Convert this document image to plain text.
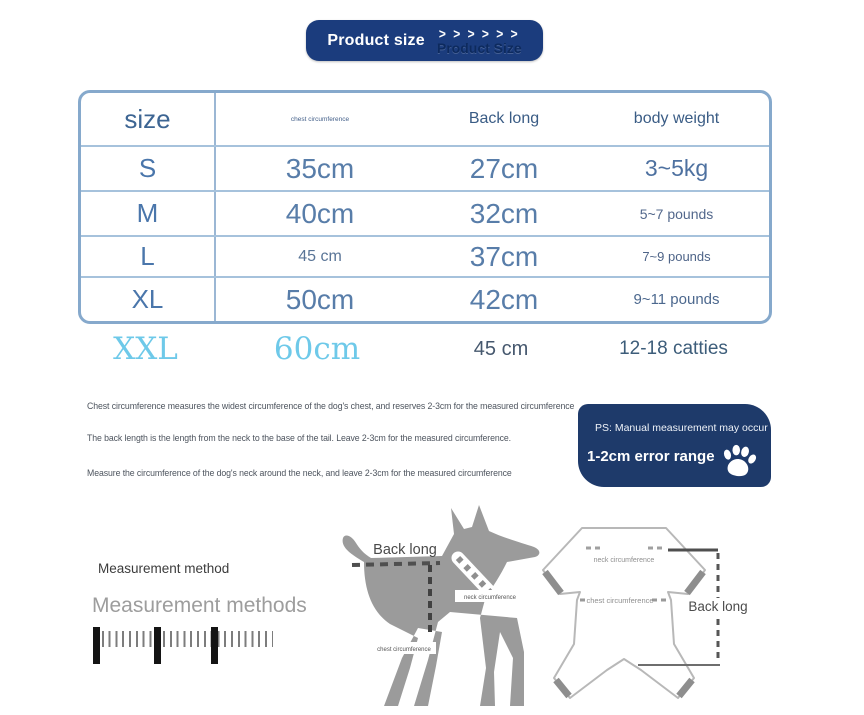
Product size > > > > > >
Product Size
size	chest circumference	Back long	body weight
S	35cm	27cm	3~5kg
M	40cm	32cm	5~7 pounds
L	45 cm	37cm	7~9 pounds
XL	50cm	42cm	9~11 pounds
XXL	60cm	45 cm	12-18 catties
Chest circumference measures the widest circumference of the dog's chest, and reserves 2-3cm for the measured circumference
The back length is the length from the neck to the base of the tail. Leave 2-3cm for the measured circumference.
Measure the circumference of the dog's neck around the neck, and leave 2-3cm for the measured circumference
PS: Manual measurement may occur
1-2cm error range
Measurement method
Measurement methods
Back long
neck circumference
chest circumference
neck circumference
chest circumference	Back long
